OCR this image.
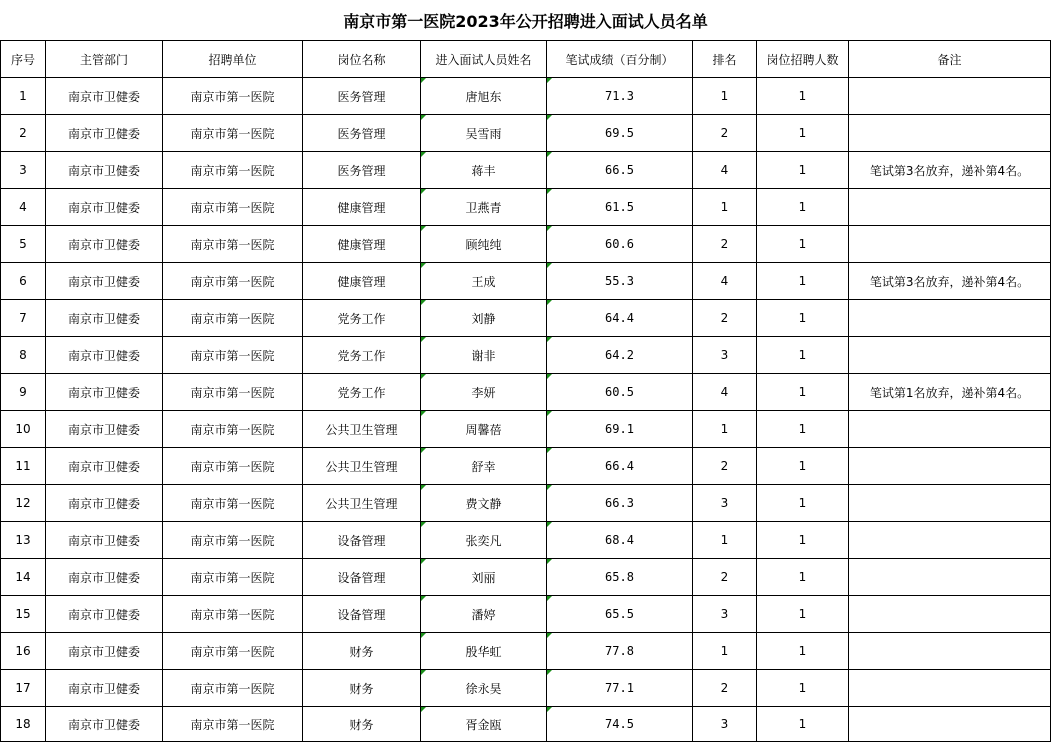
南京市第一医院2023年公开招聘进入面试人员名单
序号	主管部门	招聘单位	岗位名称	进入面试人员姓名	笔试成绩（百分制）	排名	岗位招聘人数	备注
1	南京市卫健委	南京市第一医院	医务管理	唐旭东	71.3	1	1	
2	南京市卫健委	南京市第一医院	医务管理	吴雪雨	69.5	2	1	
3	南京市卫健委	南京市第一医院	医务管理	蒋丰	66.5	4	1	笔试第3名放弃，递补第4名。
4	南京市卫健委	南京市第一医院	健康管理	卫燕青	61.5	1	1	
5	南京市卫健委	南京市第一医院	健康管理	顾纯纯	60.6	2	1	
6	南京市卫健委	南京市第一医院	健康管理	王成	55.3	4	1	笔试第3名放弃，递补第4名。
7	南京市卫健委	南京市第一医院	党务工作	刘静	64.4	2	1	
8	南京市卫健委	南京市第一医院	党务工作	谢非	64.2	3	1	
9	南京市卫健委	南京市第一医院	党务工作	李妍	60.5	4	1	笔试第1名放弃，递补第4名。
10	南京市卫健委	南京市第一医院	公共卫生管理	周馨蓓	69.1	1	1	
11	南京市卫健委	南京市第一医院	公共卫生管理	舒幸	66.4	2	1	
12	南京市卫健委	南京市第一医院	公共卫生管理	费文静	66.3	3	1	
13	南京市卫健委	南京市第一医院	设备管理	张奕凡	68.4	1	1	
14	南京市卫健委	南京市第一医院	设备管理	刘丽	65.8	2	1	
15	南京市卫健委	南京市第一医院	设备管理	潘婷	65.5	3	1	
16	南京市卫健委	南京市第一医院	财务	殷华虹	77.8	1	1	
17	南京市卫健委	南京市第一医院	财务	徐永昊	77.1	2	1	
18	南京市卫健委	南京市第一医院	财务	胥金瓯	74.5	3	1	
